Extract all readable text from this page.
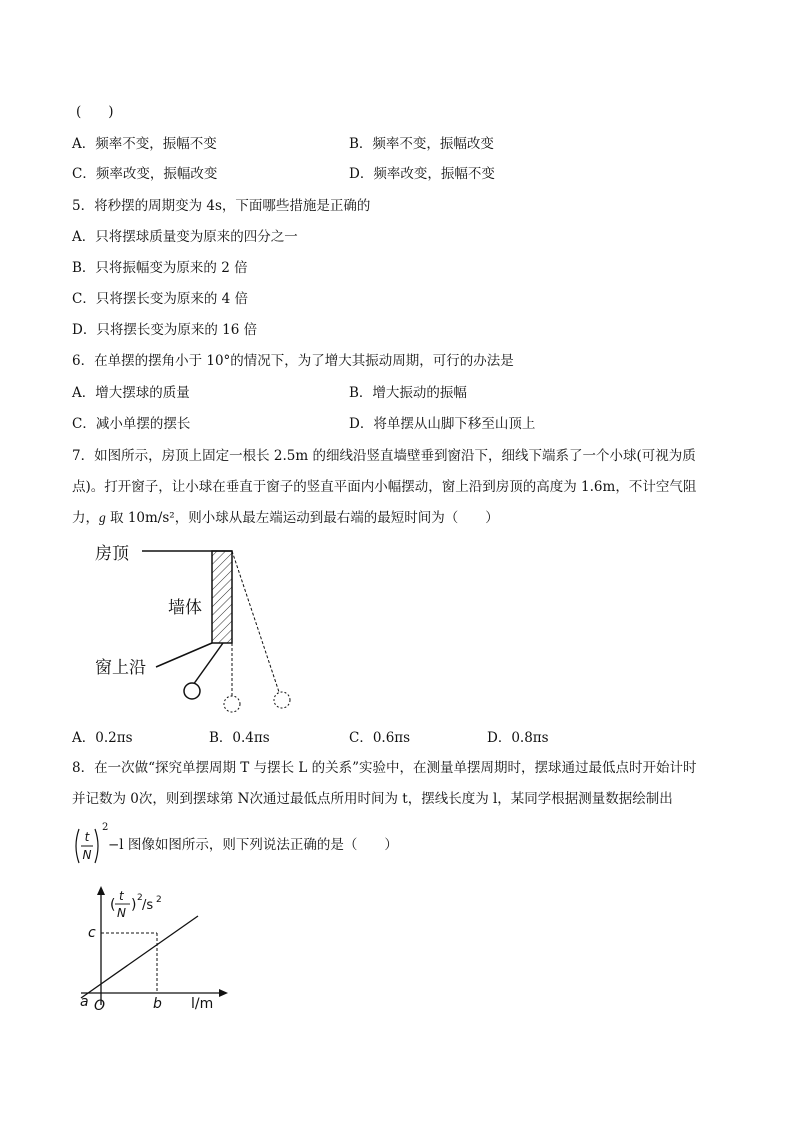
(　　)
A．频率不变，振幅不变	B．频率不变，振幅改变
C．频率改变，振幅改变	D．频率改变，振幅不变
5．将秒摆的周期变为 4s，下面哪些措施是正确的
A．只将摆球质量变为原来的四分之一
B．只将振幅变为原来的 2 倍
C．只将摆长变为原来的 4 倍
D．只将摆长变为原来的 16 倍
6．在单摆的摆角小于 10°的情况下，为了增大其振动周期，可行的办法是
A．增大摆球的质量	B．增大振动的振幅
C．减小单摆的摆长	D．将单摆从山脚下移至山顶上
7．如图所示，房顶上固定一根长 2.5m 的细线沿竖直墙壁垂到窗沿下，细线下端系了一个小球(可视为质
点)。打开窗子，让小球在垂直于窗子的竖直平面内小幅摆动，窗上沿到房顶的高度为 1.6m，不计空气阻
力，g 取 10m/s²，则小球从最左端运动到最右端的最短时间为（　　）
房顶
墙体
窗上沿
A．0.2πs	B．0.4πs	C．0.6πs	D．0.8πs
8．在一次做“探究单摆周期 T 与摆长 L 的关系”实验中，在测量单摆周期时，摆球通过最低点时开始计时
并记数为 0次，则到摆球第 N次通过最低点所用时间为 t，摆线长度为 l，某同学根据测量数据绘制出
t
N
2
−l 图像如图所示，则下列说法正确的是（　　）
(
t
N ) 2 /s 2
c
a O	b l/m
